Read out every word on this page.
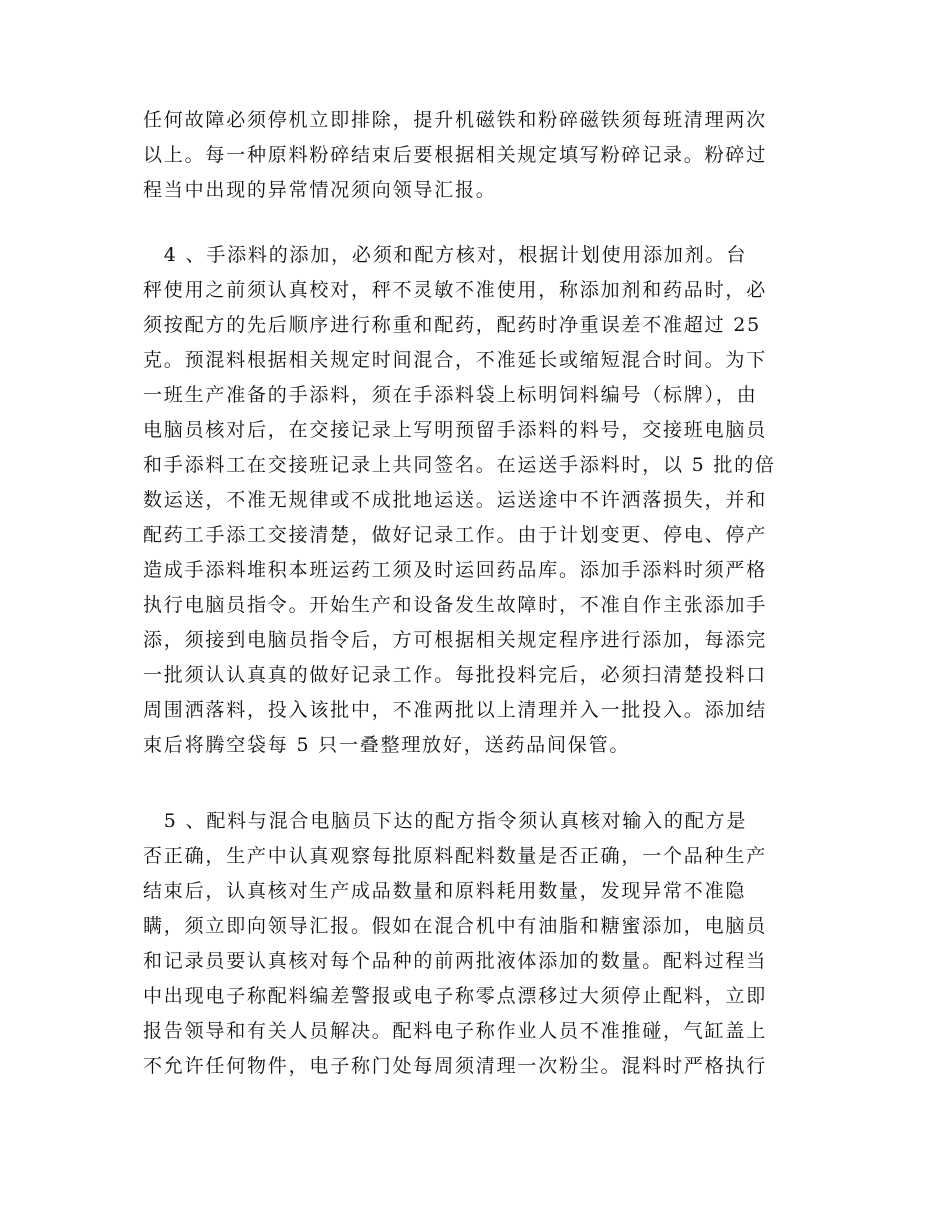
任何故障必须停机立即排除，提升机磁铁和粉碎磁铁须每班清理两次
以上。每一种原料粉碎结束后要根据相关规定填写粉碎记录。粉碎过
程当中出现的异常情况须向领导汇报。
　4 、手添料的添加，必须和配方核对，根据计划使用添加剂。台
秤使用之前须认真校对，秤不灵敏不准使用，称添加剂和药品时，必
须按配方的先后顺序进行称重和配药，配药时净重误差不准超过 25
克。预混料根据相关规定时间混合，不准延长或缩短混合时间。为下
一班生产准备的手添料，须在手添料袋上标明饲料编号（标牌），由
电脑员核对后，在交接记录上写明预留手添料的料号，交接班电脑员
和手添料工在交接班记录上共同签名。在运送手添料时，以 5 批的倍
数运送，不准无规律或不成批地运送。运送途中不许洒落损失，并和
配药工手添工交接清楚，做好记录工作。由于计划变更、停电、停产
造成手添料堆积本班运药工须及时运回药品库。添加手添料时须严格
执行电脑员指令。开始生产和设备发生故障时，不准自作主张添加手
添，须接到电脑员指令后，方可根据相关规定程序进行添加，每添完
一批须认认真真的做好记录工作。每批投料完后，必须扫清楚投料口
周围洒落料，投入该批中，不准两批以上清理并入一批投入。添加结
束后将腾空袋每 5 只一叠整理放好，送药品间保管。
　5 、配料与混合电脑员下达的配方指令须认真核对输入的配方是
否正确，生产中认真观察每批原料配料数量是否正确，一个品种生产
结束后，认真核对生产成品数量和原料耗用数量，发现异常不准隐
瞒，须立即向领导汇报。假如在混合机中有油脂和糖蜜添加，电脑员
和记录员要认真核对每个品种的前两批液体添加的数量。配料过程当
中出现电子称配料编差警报或电子称零点漂移过大须停止配料，立即
报告领导和有关人员解决。配料电子称作业人员不准推碰，气缸盖上
不允许任何物件，电子称门处每周须清理一次粉尘。混料时严格执行
